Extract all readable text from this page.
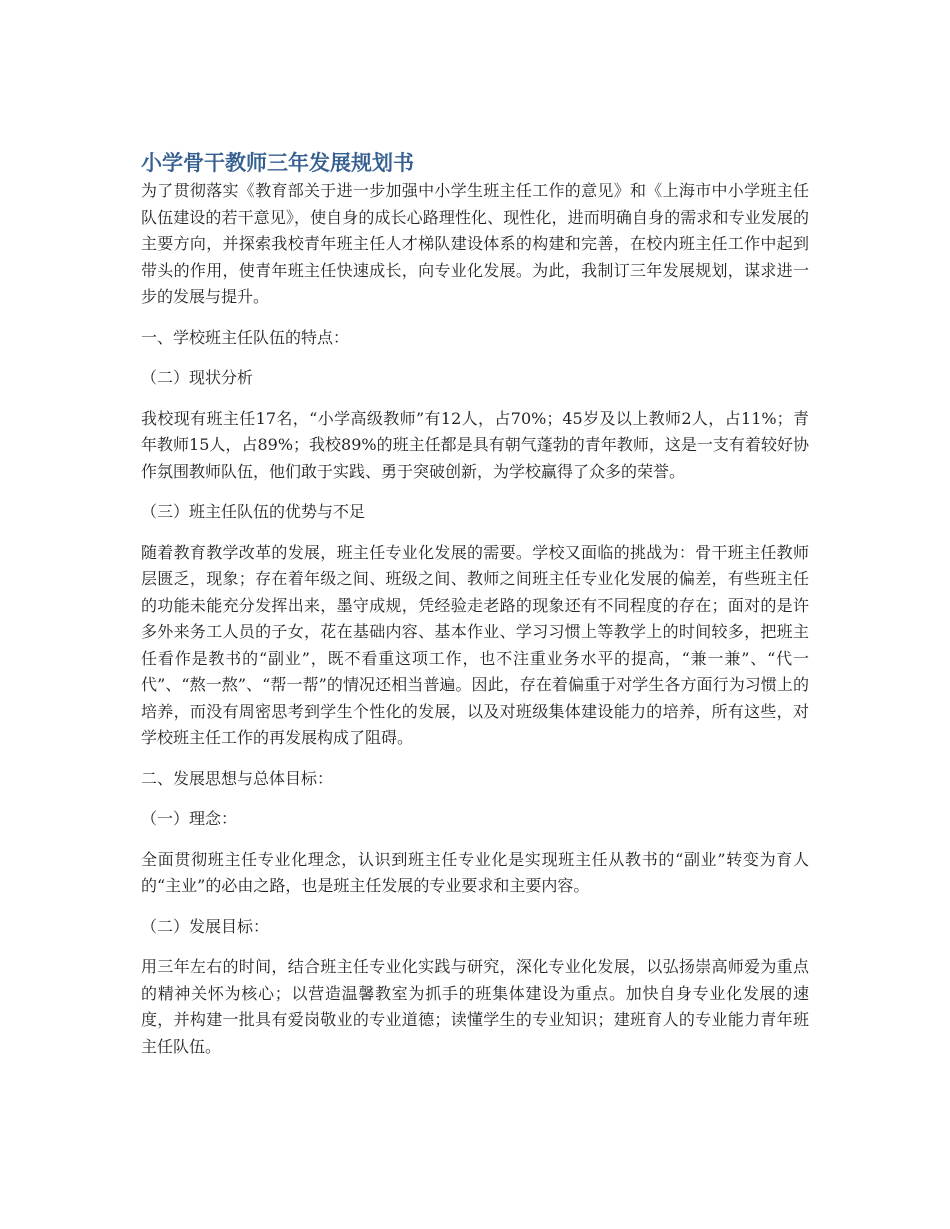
小学骨干教师三年发展规划书

为了贯彻落实《教育部关于进一步加强中小学生班主任工作的意见》和《上海市中小学班主任队伍建设的若干意见》，使自身的成长心路理性化、现性化，进而明确自身的需求和专业发展的主要方向，并探索我校青年班主任人才梯队建设体系的构建和完善，在校内班主任工作中起到带头的作用，使青年班主任快速成长，向专业化发展。为此，我制订三年发展规划，谋求进一步的发展与提升。

一、学校班主任队伍的特点：

（二）现状分析

我校现有班主任17名，“小学高级教师”有12人，占70%；45岁及以上教师2人，占11%；青年教师15人，占89%；我校89%的班主任都是具有朝气蓬勃的青年教师，这是一支有着较好协作氛围教师队伍，他们敢于实践、勇于突破创新，为学校赢得了众多的荣誉。

（三）班主任队伍的优势与不足

随着教育教学改革的发展，班主任专业化发展的需要。学校又面临的挑战为：骨干班主任教师层匮乏，现象；存在着年级之间、班级之间、教师之间班主任专业化发展的偏差，有些班主任的功能未能充分发挥出来，墨守成规，凭经验走老路的现象还有不同程度的存在；面对的是许多外来务工人员的子女，花在基础内容、基本作业、学习习惯上等教学上的时间较多，把班主任看作是教书的“副业”，既不看重这项工作，也不注重业务水平的提高，“兼一兼”、“代一代”、“熬一熬”、“帮一帮”的情况还相当普遍。因此，存在着偏重于对学生各方面行为习惯上的培养，而没有周密思考到学生个性化的发展，以及对班级集体建设能力的培养，所有这些，对学校班主任工作的再发展构成了阻碍。

二、发展思想与总体目标：

（一）理念：

全面贯彻班主任专业化理念，认识到班主任专业化是实现班主任从教书的“副业”转变为育人的“主业”的必由之路，也是班主任发展的专业要求和主要内容。

（二）发展目标：

用三年左右的时间，结合班主任专业化实践与研究，深化专业化发展，以弘扬崇高师爱为重点的精神关怀为核心；以营造温馨教室为抓手的班集体建设为重点。加快自身专业化发展的速度，并构建一批具有爱岗敬业的专业道德；读懂学生的专业知识；建班育人的专业能力青年班主任队伍。
